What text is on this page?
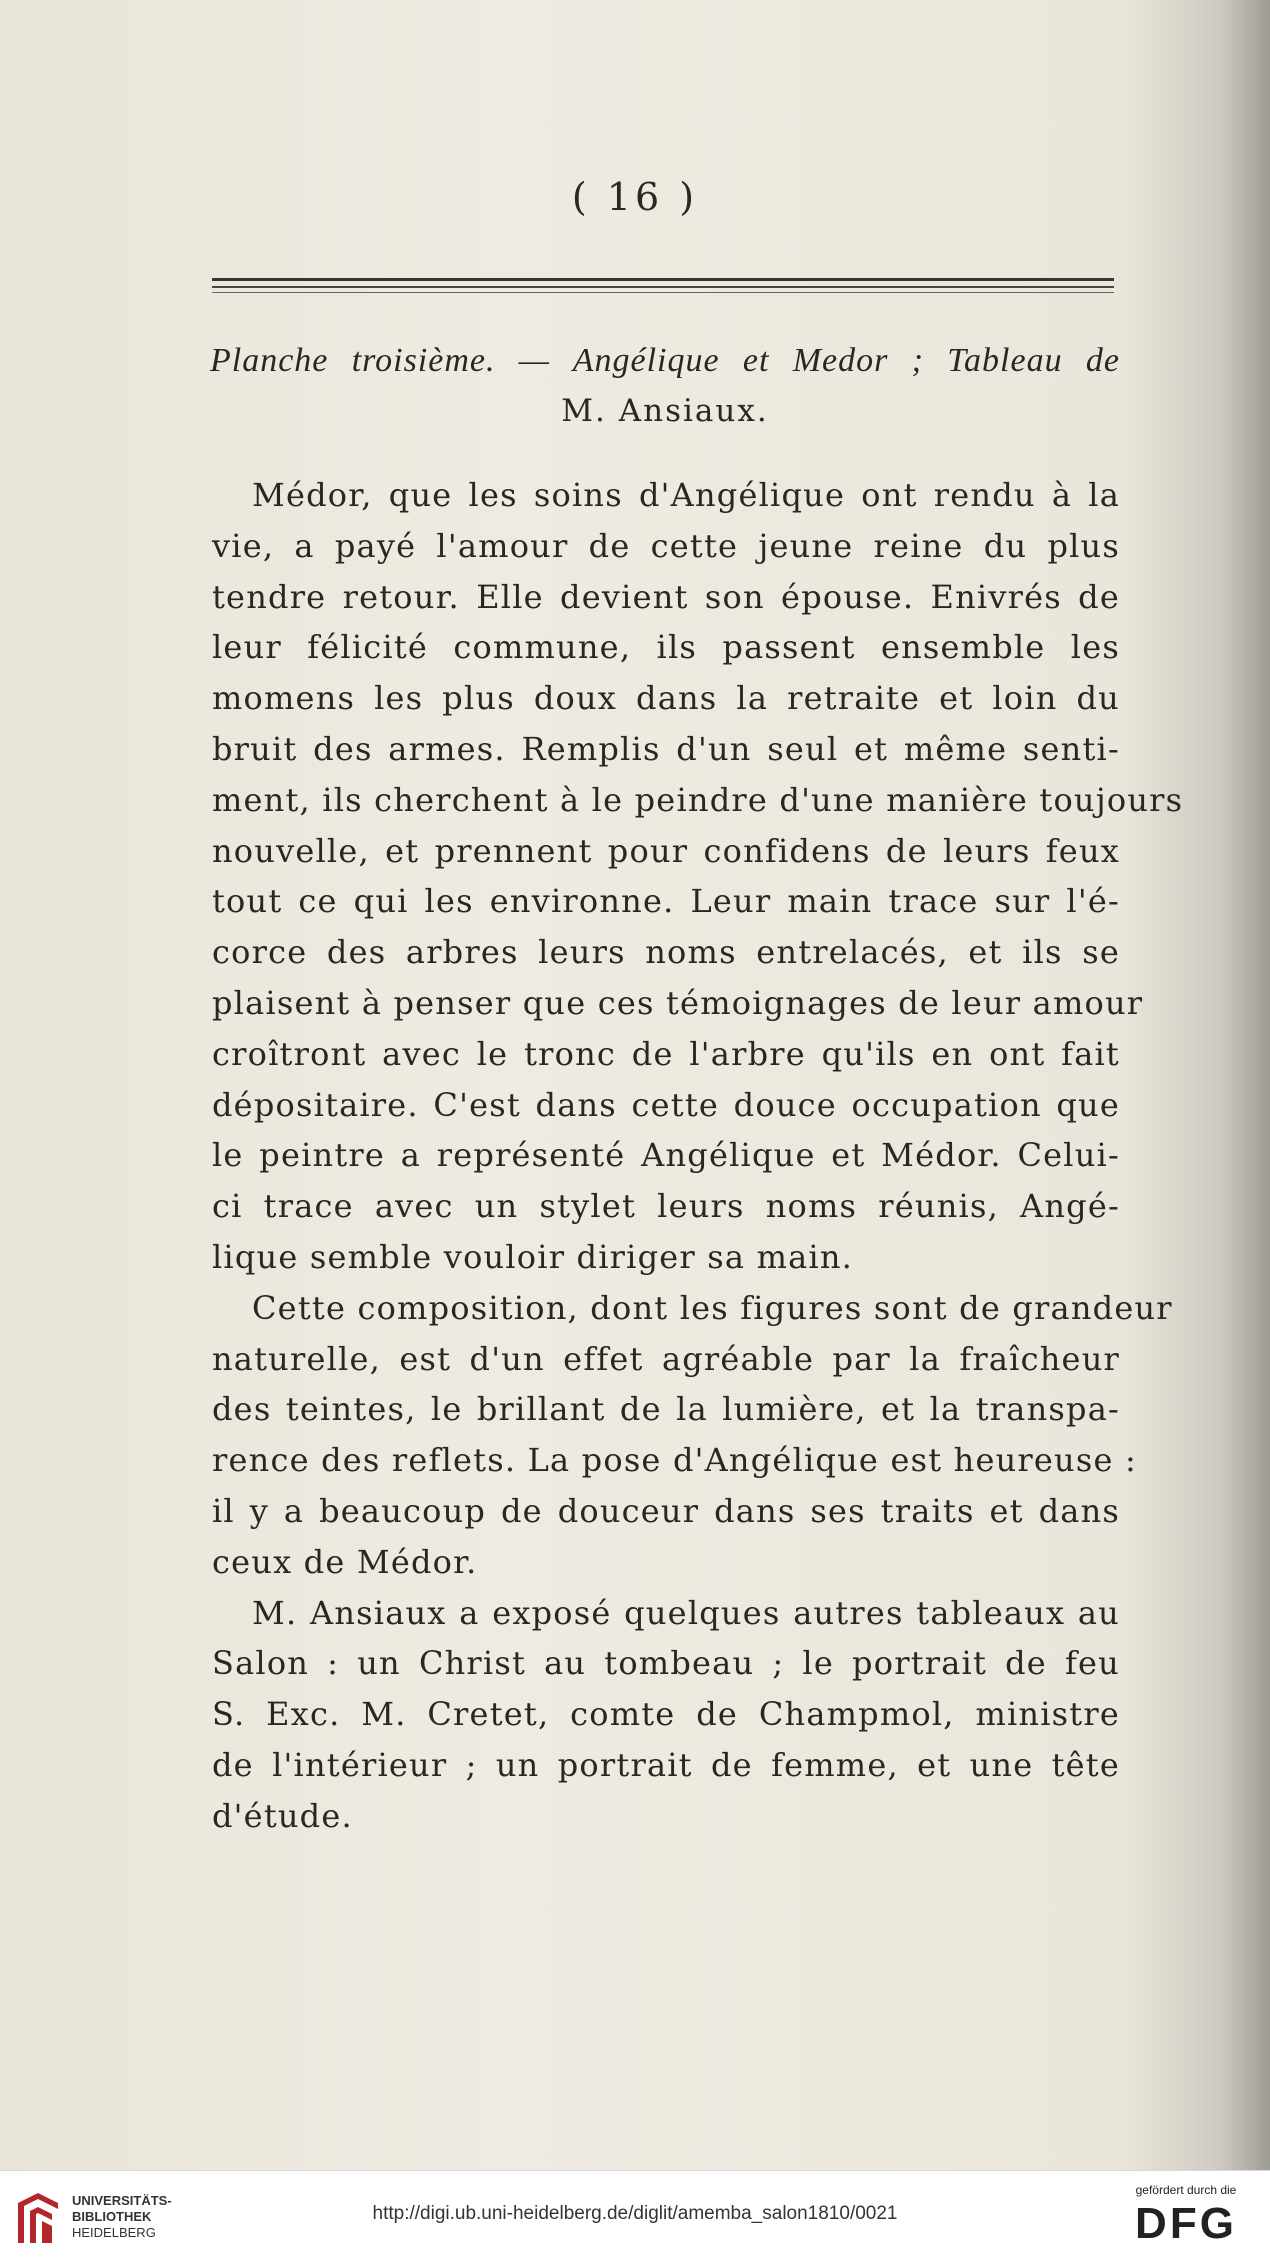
( 16 )
Planche troisième. — Angélique et Medor ; Tableau de
M. Ansiaux.
Médor, que les soins d'Angélique ont rendu à la
vie, a payé l'amour de cette jeune reine du plus
tendre retour. Elle devient son épouse. Enivrés de
leur félicité commune, ils passent ensemble les
momens les plus doux dans la retraite et loin du
bruit des armes. Remplis d'un seul et même senti-
ment, ils cherchent à le peindre d'une manière toujours
nouvelle, et prennent pour confidens de leurs feux
tout ce qui les environne. Leur main trace sur l'é-
corce des arbres leurs noms entrelacés, et ils se
plaisent à penser que ces témoignages de leur amour
croîtront avec le tronc de l'arbre qu'ils en ont fait
dépositaire. C'est dans cette douce occupation que
le peintre a représenté Angélique et Médor. Celui-
ci trace avec un stylet leurs noms réunis, Angé-
lique semble vouloir diriger sa main.
Cette composition, dont les figures sont de grandeur
naturelle, est d'un effet agréable par la fraîcheur
des teintes, le brillant de la lumière, et la transpa-
rence des reflets. La pose d'Angélique est heureuse :
il y a beaucoup de douceur dans ses traits et dans
ceux de Médor.
M. Ansiaux a exposé quelques autres tableaux au
Salon : un Christ au tombeau ; le portrait de feu
S. Exc. M. Cretet, comte de Champmol, ministre
de l'intérieur ; un portrait de femme, et une tête
d'étude.
UNIVERSITÄTS-
BIBLIOTHEK
HEIDELBERG
http://digi.ub.uni-heidelberg.de/diglit/amemba_salon1810/0021
gefördert durch die
DFG
